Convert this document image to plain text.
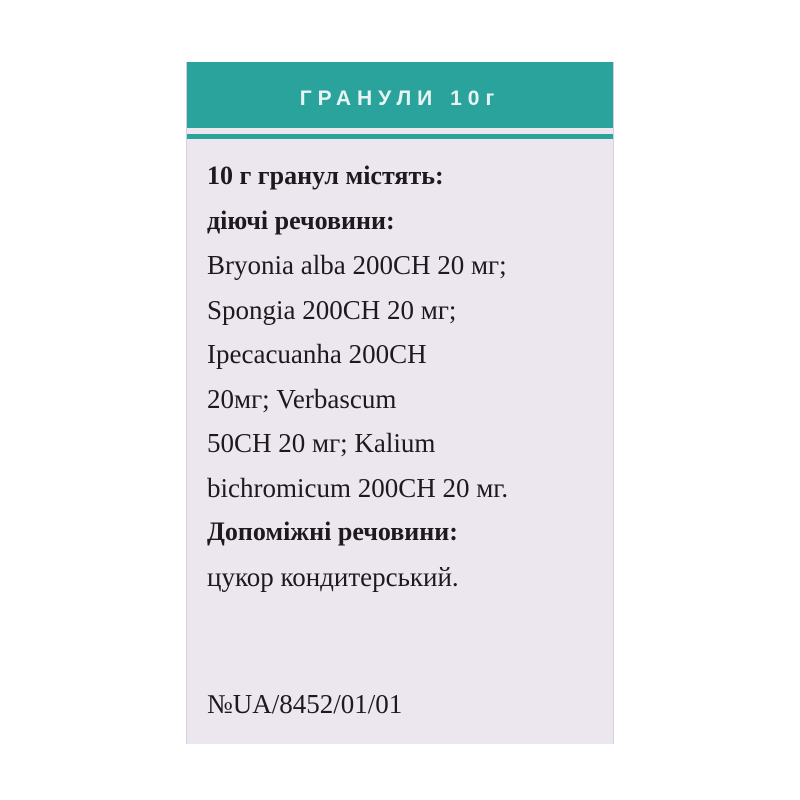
ГРАНУЛИ 10г
10 г гранул містять:
діючі речовини:
Bryonia alba 200CH 20 мг;
Spongia 200CH 20 мг;
Ipecacuanha 200CH
20мг; Verbascum
50CH 20 мг; Kalium
bichromicum 200CH 20 мг.
Допоміжні речовини:
цукор кондитерський.
№UA/8452/01/01
